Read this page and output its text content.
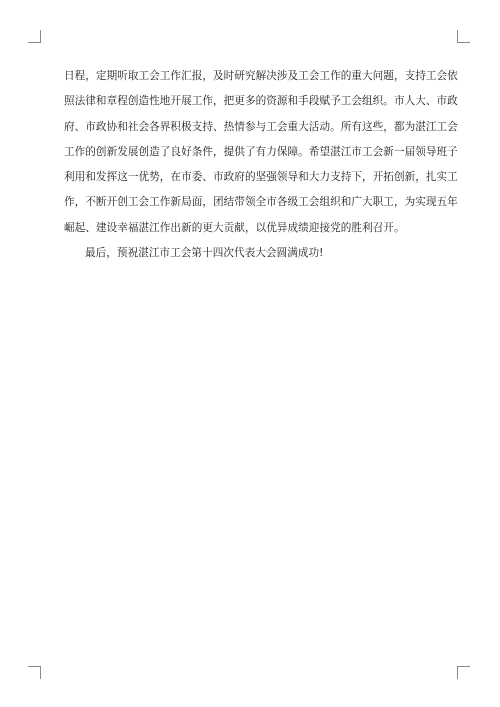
日程，定期听取工会工作汇报，及时研究解决涉及工会工作的重大问题，支持工会依
照法律和章程创造性地开展工作，把更多的资源和手段赋予工会组织。市人大、市政
府、市政协和社会各界积极支持、热情参与工会重大活动。所有这些，都为湛江工会
工作的创新发展创造了良好条件，提供了有力保障。希望湛江市工会新一届领导班子
利用和发挥这一优势，在市委、市政府的坚强领导和大力支持下，开拓创新，扎实工
作，不断开创工会工作新局面，团结带领全市各级工会组织和广大职工，为实现五年
崛起、建设幸福湛江作出新的更大贡献，以优异成绩迎接党的胜利召开。
最后，预祝湛江市工会第十四次代表大会圆满成功!
